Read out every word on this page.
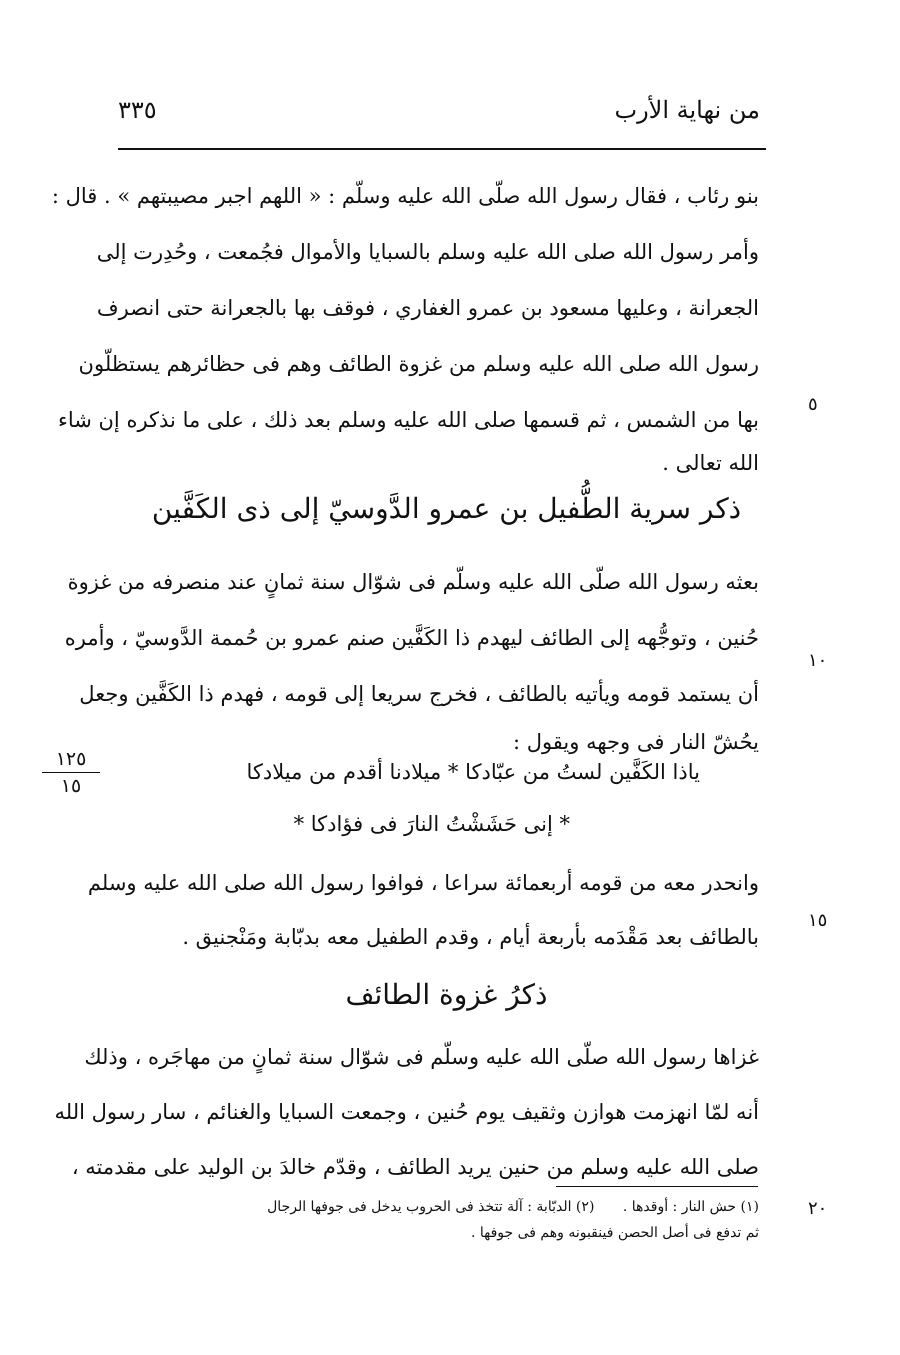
من نهاية الأرب
٣٣٥
بنو رئاب ، فقال رسول الله صلّى الله عليه وسلّم : « اللهم اجبر مصيبتهم » . قال :
وأمر رسول الله صلى الله عليه وسلم بالسبايا والأموال فجُمعت ، وحُدِرت إلى
الجعرانة ، وعليها مسعود بن عمرو الغفاري ، فوقف بها بالجعرانة حتى انصرف
رسول الله صلى الله عليه وسلم من غزوة الطائف وهم فى حظائرهم يستظلّون
بها من الشمس ، ثم قسمها صلى الله عليه وسلم بعد ذلك ، على ما نذكره إن شاء
الله تعالى .
٥
ذكر سرية الطُّفيل بن عمرو الدَّوسيّ إلى ذى الكَفَّين
بعثه رسول الله صلّى الله عليه وسلّم فى شوّال سنة ثمانٍ عند منصرفه من غزوة
حُنين ، وتوجُّهه إلى الطائف ليهدم ذا الكَفَّين صنم عمرو بن حُممة الدَّوسيّ ، وأمره
أن يستمد قومه ويأتيه بالطائف ، فخرج سريعا إلى قومه ، فهدم ذا الكَفَّين وجعل
يحُشّ النار فى وجهه ويقول :
١٠
ياذا الكَفَّين لستُ من عبّادكا * ميلادنا أقدم من ميلادكا
* إنى حَشَشْتُ النارَ فى فؤادكا *
١٢٥
١٥
وانحدر معه من قومه أربعمائة سراعا ، فوافوا رسول الله صلى الله عليه وسلم
بالطائف بعد مَقْدَمه بأربعة أيام ، وقدم الطفيل معه بدبّابة ومَنْجنيق .
١٥
ذكرُ غزوة الطائف
غزاها رسول الله صلّى الله عليه وسلّم فى شوّال سنة ثمانٍ من مهاجَره ، وذلك
أنه لمّا انهزمت هوازن وثقيف يوم حُنين ، وجمعت السبايا والغنائم ، سار رسول الله
صلى الله عليه وسلم من حنين يريد الطائف ، وقدّم خالدَ بن الوليد على مقدمته ،
٢٠
(١) حش النار : أوقدها . (٢) الدبّابة : آلة تتخذ فى الحروب يدخل فى جوفها الرجال
ثم تدفع فى أصل الحصن فينقبونه وهم فى جوفها .
